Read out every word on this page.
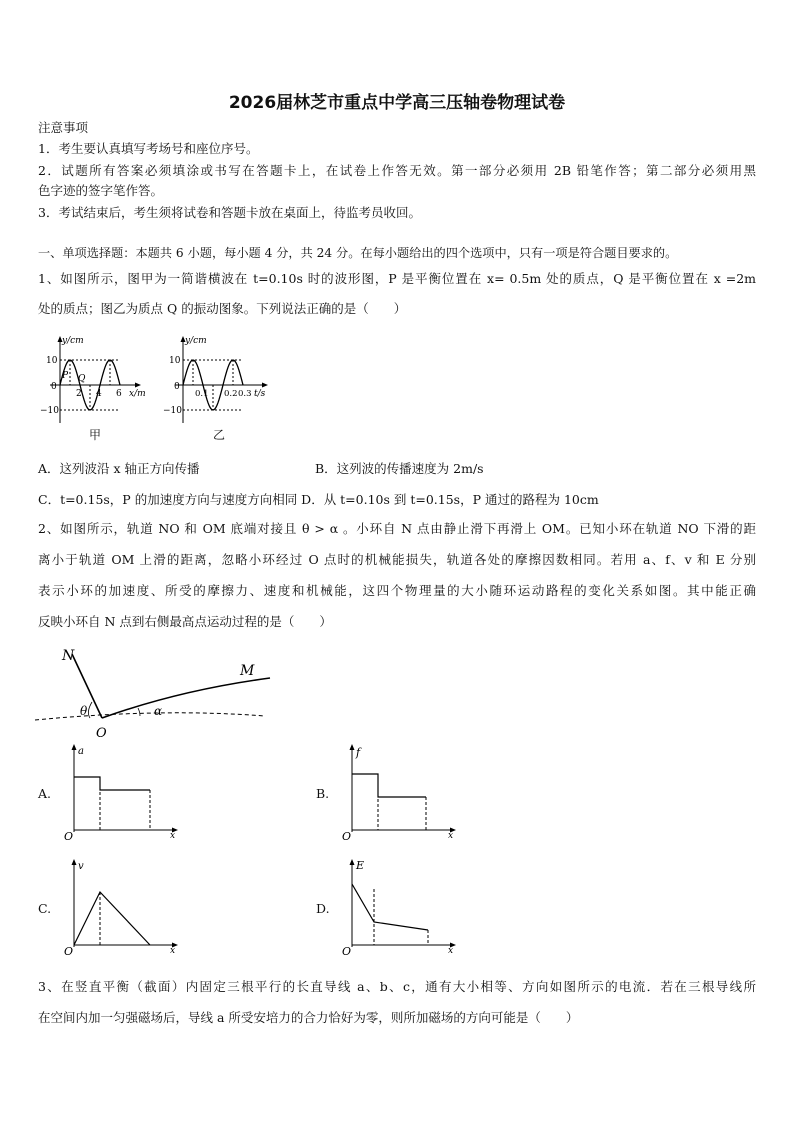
2026届林芝市重点中学高三压轴卷物理试卷
注意事项
1．考生要认真填写考场号和座位序号。
2．试题所有答案必须填涂或书写在答题卡上，在试卷上作答无效。第一部分必须用 2B 铅笔作答；第二部分必须用黑
色字迹的签字笔作答。
3．考试结束后，考生须将试卷和答题卡放在桌面上，待监考员收回。
一、单项选择题：本题共 6 小题，每小题 4 分，共 24 分。在每小题给出的四个选项中，只有一项是符合题目要求的。
1、如图所示，图甲为一简谐横波在 t=0.10s 时的波形图，P 是平衡位置在 x= 0.5m 处的质点，Q 是平衡位置在 x =2m
处的质点；图乙为质点 Q 的振动图象。下列说法正确的是（　　）
y/cm
10
0
−10
2 4 6 x/m
P Q
甲
y/cm
10
0
−10
0.1 0.2 0.3 t/s
乙
A．这列波沿 x 轴正方向传播	B．这列波的传播速度为 2m/s
C．t=0.15s，P 的加速度方向与速度方向相同 D．从 t=0.10s 到 t=0.15s，P 通过的路程为 10cm
2、如图所示，轨道 NO 和 OM 底端对接且 θ > α 。小环自 N 点由静止滑下再滑上 OM。已知小环在轨道 NO 下滑的距
离小于轨道 OM 上滑的距离，忽略小环经过 O 点时的机械能损失，轨道各处的摩擦因数相同。若用 a、f、v 和 E 分别
表示小环的加速度、所受的摩擦力、速度和机械能，这四个物理量的大小随环运动路程的变化关系如图。其中能正确
反映小环自 N 点到右侧最高点运动过程的是（　　）
N
M
O
θ	α
a
x
O
A.
f
x
O
B.
v
x
O
C.
E
x
O
D.
3、在竖直平衡（截面）内固定三根平行的长直导线 a、b、c，通有大小相等、方向如图所示的电流．若在三根导线所
在空间内加一匀强磁场后，导线 a 所受安培力的合力恰好为零，则所加磁场的方向可能是（　　）
